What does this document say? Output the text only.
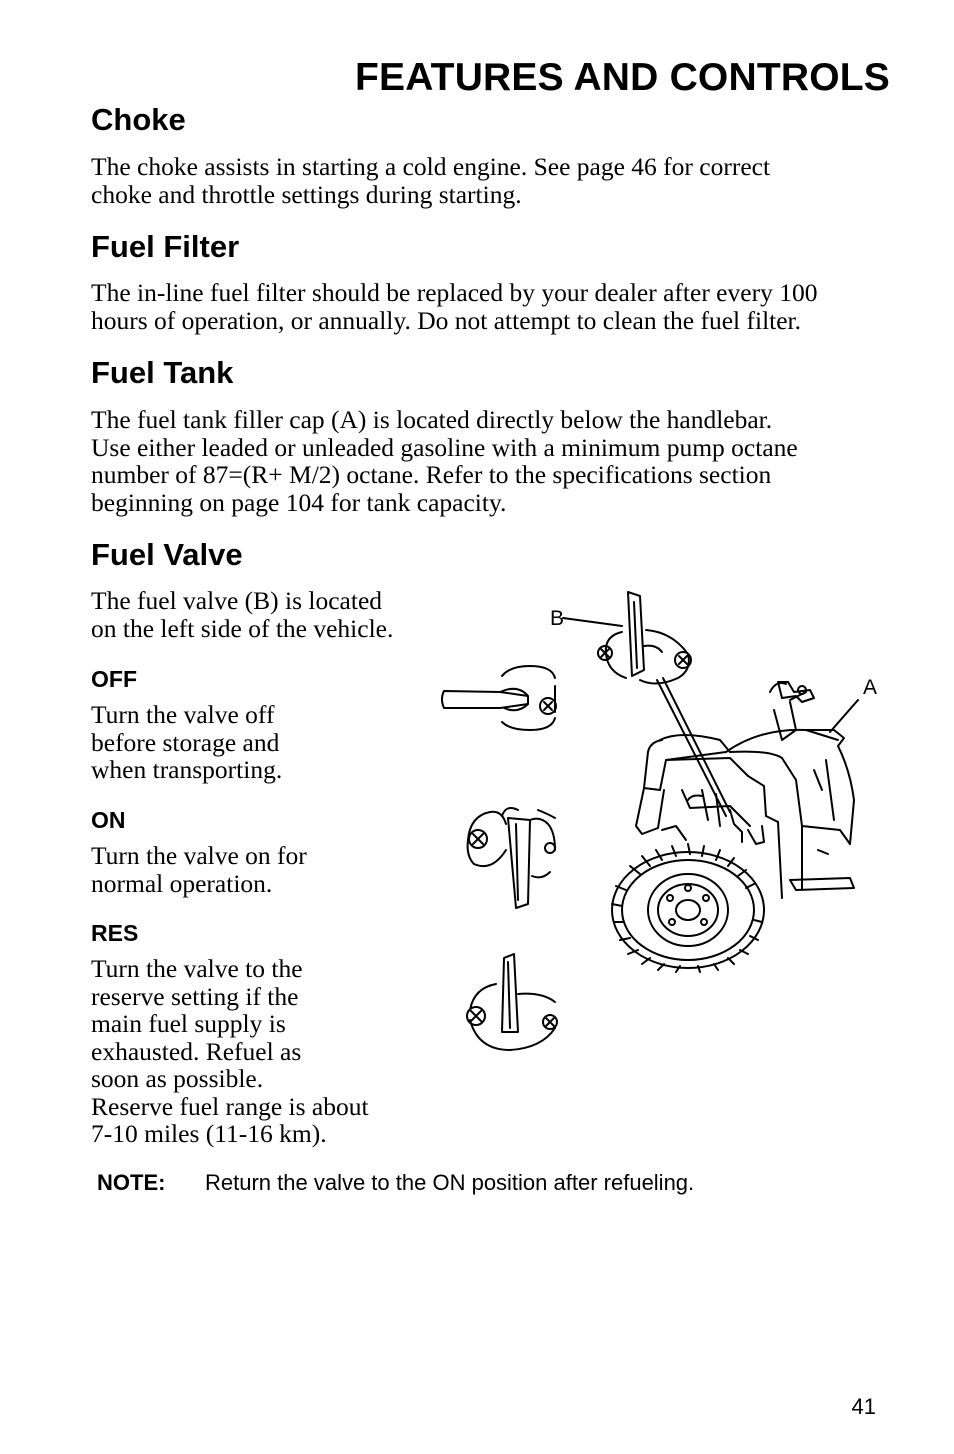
FEATURES AND CONTROLS
Choke
The choke assists in starting a cold engine. See page 46 for correct
choke and throttle settings during starting.
Fuel Filter
The in-line fuel filter should be replaced by your dealer after every 100
hours of operation, or annually. Do not attempt to clean the fuel filter.
Fuel Tank
The fuel tank filler cap (A) is located directly below the handlebar.
Use either leaded or unleaded gasoline with a minimum pump octane
number of 87=(R+ M/2) octane. Refer to the specifications section
beginning on page 104 for tank capacity.
Fuel Valve
The fuel valve (B) is located
on the left side of the vehicle.
OFF
Turn the valve off
before storage and
when transporting.
ON
Turn the valve on for
normal operation.
RES
Turn the valve to the
reserve setting if the
main fuel supply is
exhausted. Refuel as
soon as possible.
Reserve fuel range is about
7-10 miles (11-16 km).
B
A
NOTE: Return the valve to the ON position after refueling.
41
